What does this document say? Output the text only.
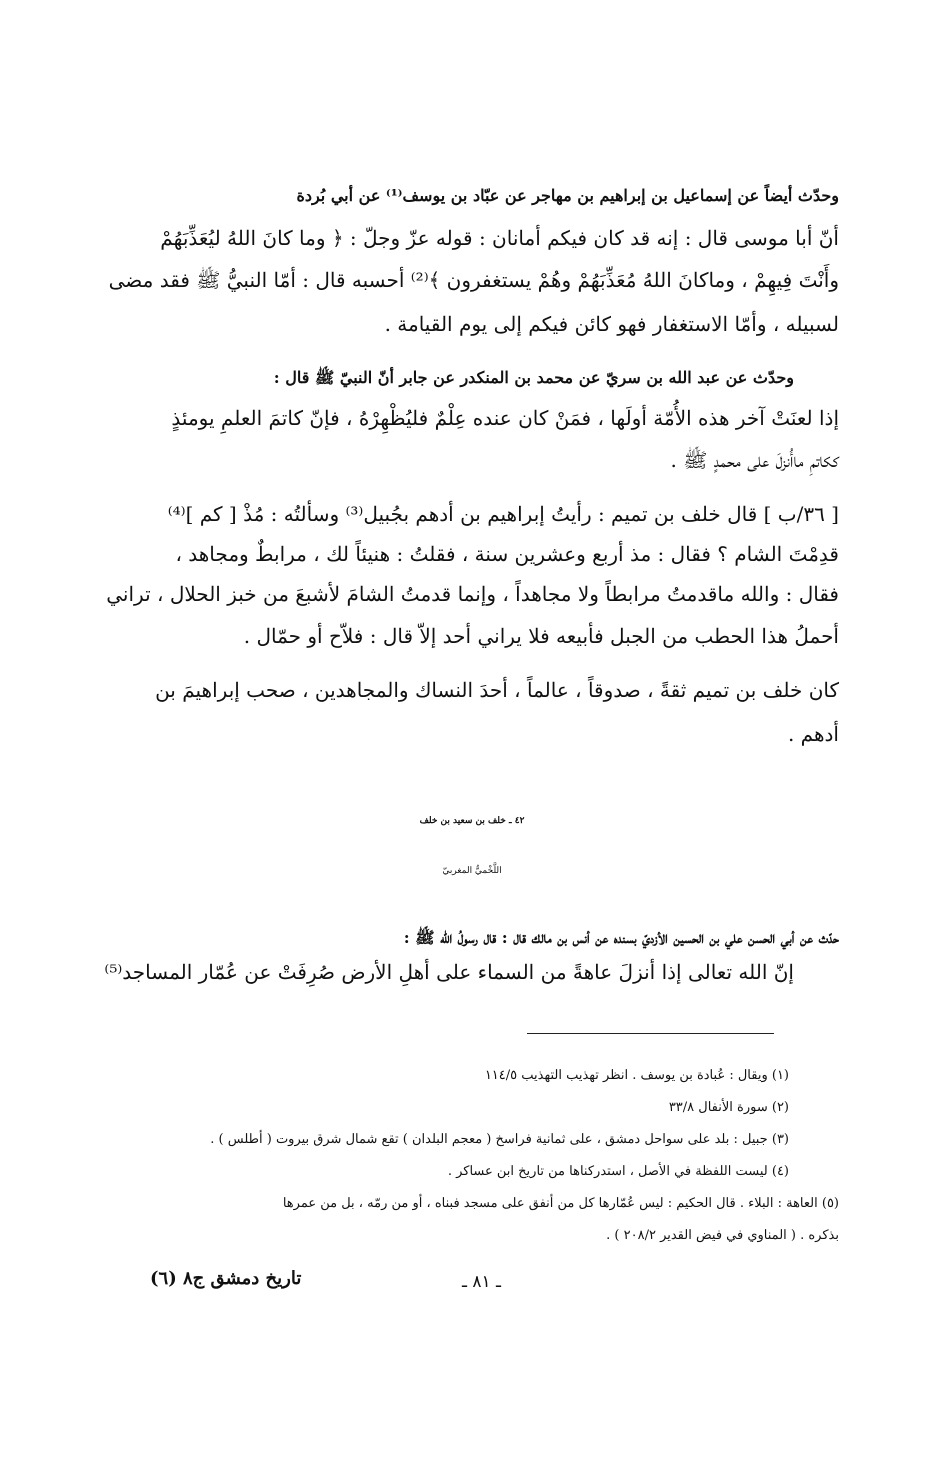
وحدّث أيضاً عن إسماعيل بن إبراهيم بن مهاجر عن عبّاد بن يوسف⁽¹⁾ عن أبي بُردة
أنّ أبا موسى قال : إنه قد كان فيكم أمانان : قوله عزّ وجلّ : ﴿ وما كانَ اللهُ ليُعَذِّبَهُمْ
وأَنْتَ فِيهِمْ ، وماكانَ اللهُ مُعَذِّبَهُمْ وهُمْ يستغفرون ﴾⁽²⁾ أحسبه قال : أمّا النبيُّ ﷺ فقد مضى
لسبيله ، وأمّا الاستغفار فهو كائن فيكم إلى يوم القيامة .
وحدّث عن عبد الله بن سريّ عن محمد بن المنكدر عن جابر أنّ النبيّ ﷺ قال :
إذا لعنَتْ آخر هذه الأُمّة أولَها ، فمَنْ كان عنده عِلْمٌ فليُظْهِرْهُ ، فإنّ كاتمَ العلمِ يومئذٍ
ككاتمِ ماأُنزلَ على محمدٍ ﷺ .
[ ٣٦/ب ] قال خلف بن تميم : رأيتُ إبراهيم بن أدهم بجُبيل⁽³⁾ وسألتُه : مُذْ [ كم ]⁽⁴⁾
قدِمْتَ الشام ؟ فقال : مذ أربع وعشرين سنة ، فقلتُ : هنيئاً لك ، مرابطٌ ومجاهد ،
فقال : والله ماقدمتُ مرابطاً ولا مجاهداً ، وإنما قدمتُ الشامَ لأشبعَ من خبز الحلال ، تراني
أحملُ هذا الحطب من الجبل فأبيعه فلا يراني أحد إلاّ قال : فلاّح أو حمّال .
كان خلف بن تميم ثقةً ، صدوقاً ، عالماً ، أحدَ النساك والمجاهدين ، صحب إبراهيمَ بن
أدهم .
٤٢ ـ خلف بن سعيد بن خلف
اللَّخْميُّ المغربيّ
حدّث عن أبي الحسن علي بن الحسين الأزديّ بسنده عن أنس بن مالك قال : قال رسولُ الله ﷺ :
إنّ الله تعالى إذا أنزلَ عاهةً من السماء على أهلِ الأرض صُرِفَتْ عن عُمّار المساجد⁽⁵⁾
(١) ويقال : عُبادة بن يوسف . انظر تهذيب التهذيب ١١٤/٥
(٢) سورة الأنفال ٣٣/٨
(٣) جبيل : بلد على سواحل دمشق ، على ثمانية فراسخ ( معجم البلدان ) تقع شمال شرق بيروت ( أطلس ) .
(٤) ليست اللفظة في الأصل ، استدركناها من تاريخ ابن عساكر .
(٥) العاهة : البلاء . قال الحكيم : ليس عُمّارها كل من أنفق على مسجد فبناه ، أو من رمّه ، بل من عمرها
بذكره . ( المناوي في فيض القدير ٢٠٨/٢ ) .
تاريخ دمشق ج٨ (٦)	ـ ٨١ ـ
